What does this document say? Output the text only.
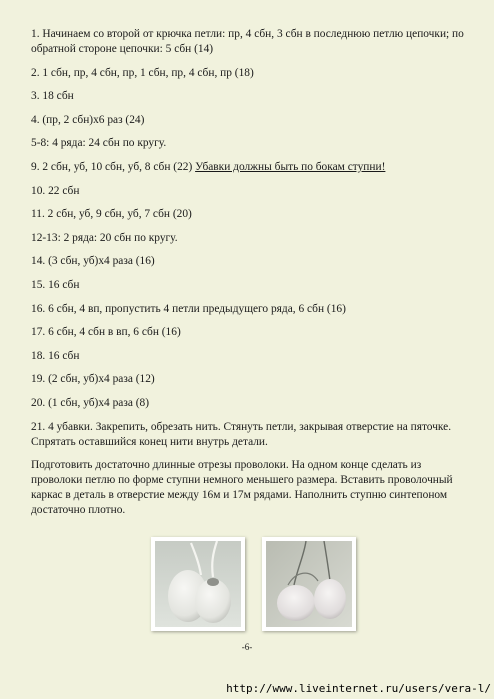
1. Начинаем со второй от крючка петли: пр, 4 сбн, 3 сбн в последнюю петлю цепочки; по обратной стороне цепочки: 5 сбн (14)

2. 1 сбн, пр, 4 сбн, пр, 1 сбн, пр, 4 сбн, пр (18)

3. 18 сбн

4. (пр, 2 сбн)х6 раз (24)

5-8: 4 ряда: 24 сбн по кругу.

9. 2 сбн, уб, 10 сбн, уб, 8 сбн (22) Убавки должны быть по бокам ступни!

10. 22 сбн

11. 2 сбн, уб, 9 сбн, уб, 7 сбн (20)

12-13: 2 ряда: 20 сбн по кругу.

14. (3 сбн, уб)х4 раза (16)

15. 16 сбн

16. 6 сбн, 4 вп, пропустить 4 петли предыдущего ряда, 6 сбн (16)

17. 6 сбн, 4 сбн в вп, 6 сбн (16)

18. 16 сбн

19. (2 сбн, уб)х4 раза (12)

20. (1 сбн, уб)х4 раза (8)

21. 4 убавки. Закрепить, обрезать нить. Стянуть петли, закрывая отверстие на пяточке. Спрятать оставшийся конец нити внутрь детали.

Подготовить достаточно длинные отрезы проволоки. На одном конце сделать из проволоки петлю по форме ступни немного меньшего размера. Вставить проволочный каркас в деталь в отверстие между 16м и 17м рядами. Наполнить ступню синтепоном достаточно плотно.

-6-
http://www.liveinternet.ru/users/vera-l/
